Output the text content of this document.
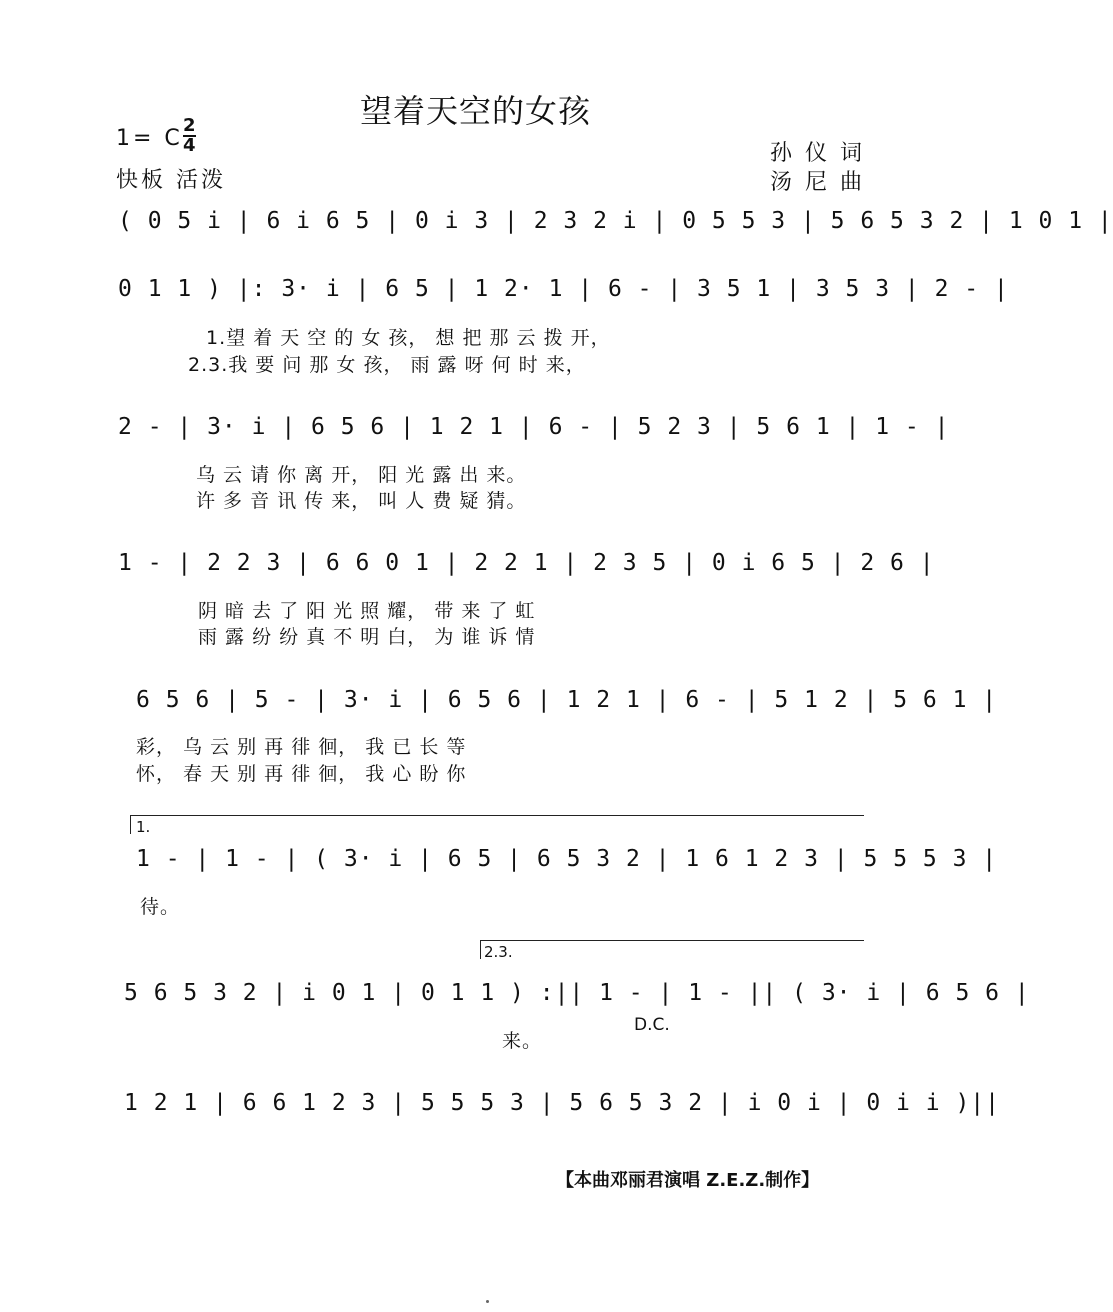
望着天空的女孩
1= C $\frac{2}{4}$
快板 活泼
孙 仪 词
汤 尼 曲
( 0 5 i | 6 i 6 5 | 0 i 3 | 2 3 2 i | 0 5 5 3 | 5 6 5 3 2 | 1 0 1 |
0 1 1 ) |: 3· i | 6 5 | 1 2· 1 | 6 - | 3 5 1 | 3 5 3 | 2 - |
1.望 着 天 空 的 女 孩， 想 把 那 云 拨 开，
2.3.我 要 问 那 女 孩， 雨 露 呀 何 时 来，
2 - | 3· i | 6 5 6 | 1 2 1 | 6 - | 5 2 3 | 5 6 1 | 1 - |
乌 云 请 你 离 开， 阳 光 露 出 来。
许 多 音 讯 传 来， 叫 人 费 疑 猜。
1 - | 2 2 3 | 6 6 0 1 | 2 2 1 | 2 3 5 | 0 i 6 5 | 2 6 |
阴 暗 去 了 阳 光 照 耀， 带 来 了 虹
雨 露 纷 纷 真 不 明 白， 为 谁 诉 情
6 5 6 | 5 - | 3· i | 6 5 6 | 1 2 1 | 6 - | 5 1 2 | 5 6 1 |
彩， 乌 云 别 再 徘 徊， 我 已 长 等
怀， 春 天 别 再 徘 徊， 我 心 盼 你
1.
1 - | 1 - | ( 3· i | 6 5 | 6 5 3 2 | 1 6 1 2 3 | 5 5 5 3 |
待。
2.3.
5 6 5 3 2 | i 0 1 | 0 1 1 ) :|| 1 - | 1 - || ( 3· i | 6 5 6 |
来。
D.C.
1 2 1 | 6 6 1 2 3 | 5 5 5 3 | 5 6 5 3 2 | i 0 i | 0 i i )||
【本曲邓丽君演唱 Z.E.Z.制作】
